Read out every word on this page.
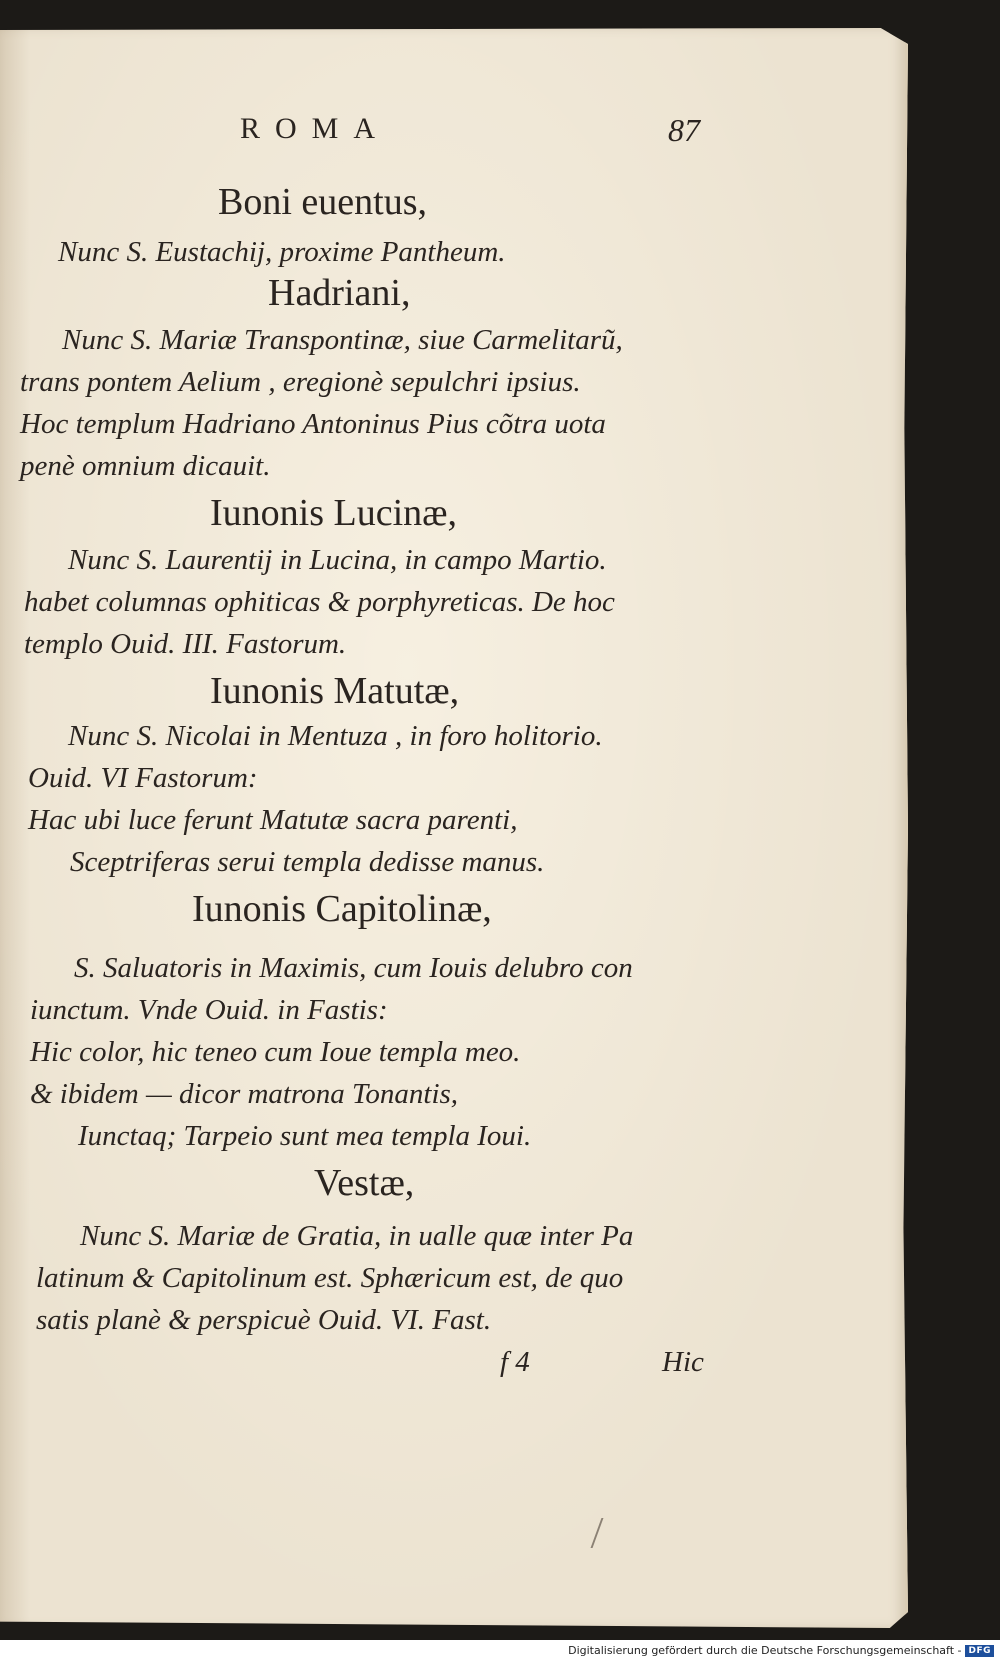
ROMA	87
Boni euentus,
Nunc S. Eustachij, proxime Pantheum.
Hadriani,
Nunc S. Mariæ Transpontinæ, siue Carmelitarũ,
trans pontem Aelium , eregionè sepulchri ipsius.
Hoc templum Hadriano Antoninus Pius cõtra uota
penè omnium dicauit.
Iunonis Lucinæ,
Nunc S. Laurentij in Lucina, in campo Martio.
habet columnas ophiticas & porphyreticas. De hoc
templo Ouid. III. Fastorum.
Iunonis Matutæ,
Nunc S. Nicolai in Mentuza , in foro holitorio.
Ouid. VI Fastorum:
Hac ubi luce ferunt Matutæ sacra parenti,
Sceptriferas serui templa dedisse manus.
Iunonis Capitolinæ,
S. Saluatoris in Maximis, cum Iouis delubro con
iunctum. Vnde Ouid. in Fastis:
Hic color, hic teneo cum Ioue templa meo.
& ibidem — dicor matrona Tonantis,
Iunctaq; Tarpeio sunt mea templa Ioui.
Vestæ,
Nunc S. Mariæ de Gratia, in ualle quæ inter Pa
latinum & Capitolinum est. Sphæricum est, de quo
satis planè & perspicuè Ouid. VI. Fast.
f 4	Hic
Digitalisierung gefördert durch die Deutsche Forschungsgemeinschaft - DFG
